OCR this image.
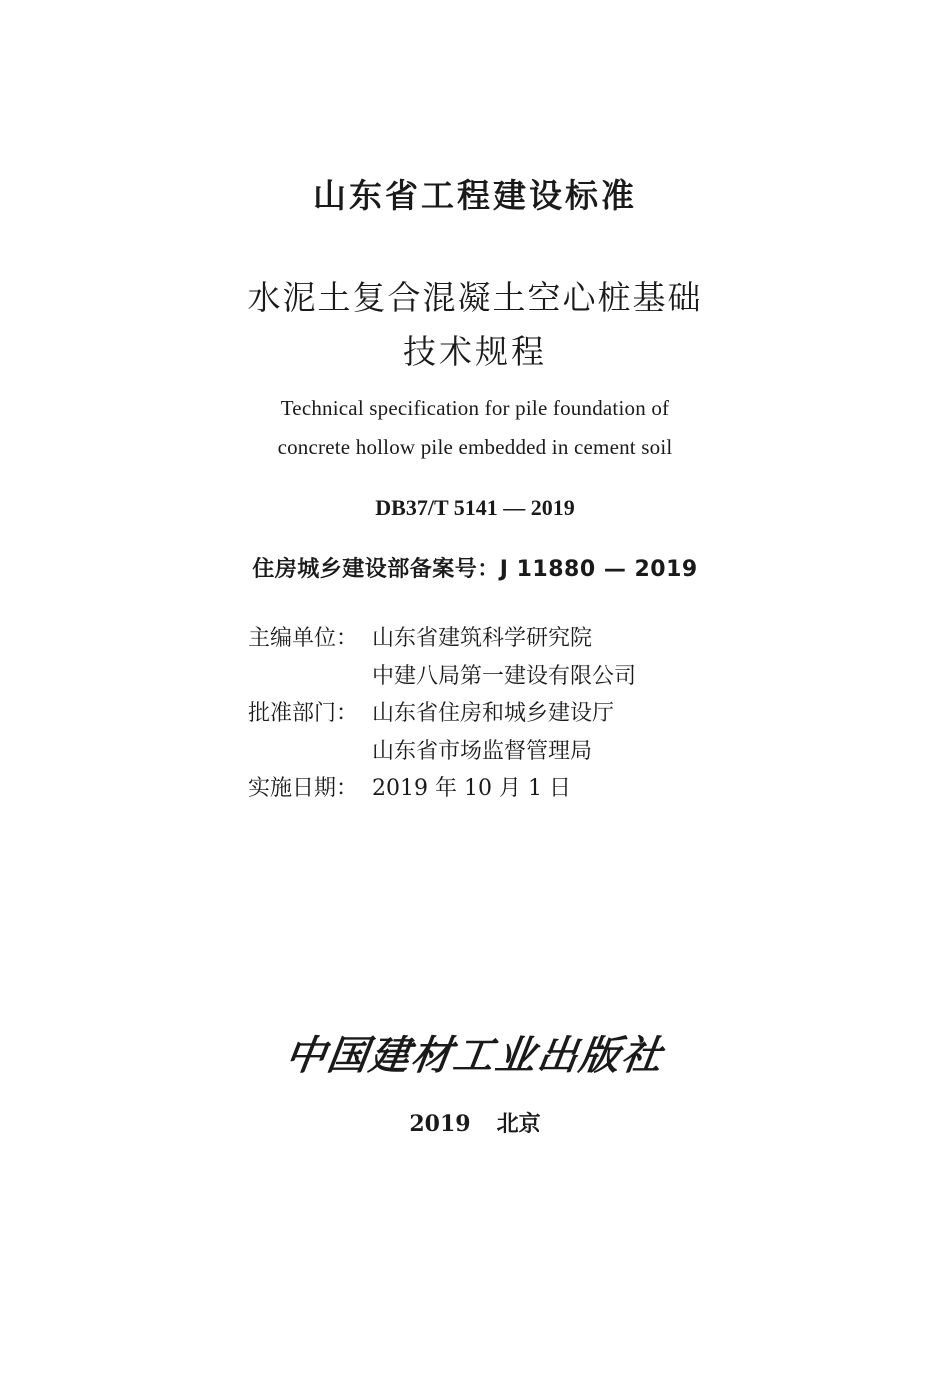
山东省工程建设标准
水泥土复合混凝土空心桩基础
技术规程
Technical specification for pile foundation of
concrete hollow pile embedded in cement soil
DB37/T 5141 — 2019
住房城乡建设部备案号：J 11880 — 2019
主编单位： 山东省建筑科学研究院
中建八局第一建设有限公司
批准部门： 山东省住房和城乡建设厅
山东省市场监督管理局
实施日期： 2019 年 10 月 1 日
中国建材工业出版社
2019 北京
